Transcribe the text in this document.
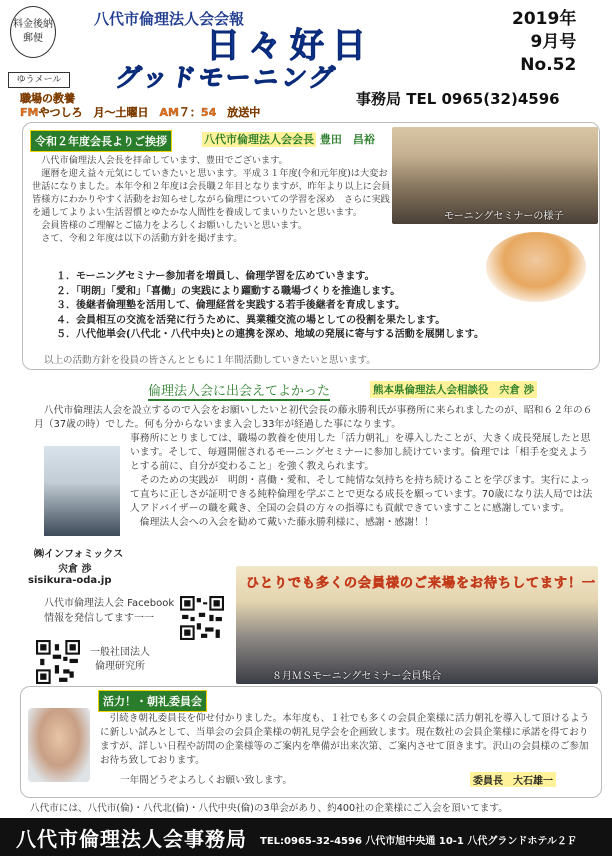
料金後納
郵便
ゆうメール
八代市倫理法人会会報
日々好日
グッドモーニング
2019年
9月号
No.52
職場の教養
FMやつしろ　月〜土曜日　AM７：54　放送中
事務局 TEL 0965(32)4596
令和２年度会長よりご挨拶	八代市倫理法人会会長 豊田　昌裕

八代市倫理法人会長を拝命しています、豊田でございます。

運暦を迎え益々元気にしていきたいと思います。平成３１年度(令和元年度)は大変お世話になりました。本年令和２年度は会長職２年目となりますが、昨年より以上に会員皆様方にわかりやすく活動をお知らせしながら倫理についての学習を深め　さらに実践を通してよりよい生活習慣とゆたかな人間性を養成してまいりたいと思います。

会員皆様のご理解とご協力をよろしくお願いしたいと思います。

さて、令和２年度は以下の活動方針を掲げます。

１．モーニングセミナー参加者を増員し、倫理学習を広めていきます。
２．「明朗」「愛和」「喜働」の実践により躍動する職場づくりを推進します。
３．後継者倫理塾を活用して、倫理経営を実践する若手後継者を育成します。
４．会員相互の交流を活発に行うために、異業種交流の場としての役割を果たします。
５．八代他単会(八代北・八代中央)との連携を深め、地域の発展に寄与する活動を展開します。
以上の活動方針を役員の皆さんとともに１年間活動していきたいと思います。
モーニングセミナーの様子
倫理法人会に出会えてよかった	熊本県倫理法人会相談役　宍倉 渉
八代市倫理法人会を設立するので入会をお願いしたいと初代会長の藤永勝利氏が事務所に来られましたのが、昭和６２年の６月（37歳の時）でした。何も分からないまま入会し33年が経過した事になります。
事務所にとりましては、職場の教養を使用した「活力朝礼」を導入したことが、大きく成長発展したと思います。そして、毎週開催されるモーニングセミナーに参加し続けています。倫理では「相手を変えようとする前に、自分が変わること」を強く教えられます。
そのための実践が　明朗・喜働・愛和、そして純情な気持ちを持ち続けることを学びます。実行によって直ちに正しさが証明できる純粋倫理を学ぶことで更なる成長を願っています。70歳になり法人局では法人アドバイザーの職を戴き、全国の会員の方々の指導にも貢献できていますことに感謝しています。
倫理法人会への入会を勧めて戴いた藤永勝利様に、感謝・感謝！！
㈱インフォミックス
宍倉 渉
sisikura-oda.jp
八代市倫理法人会 Facebook
情報を発信してます一一
一般社団法人
倫理研究所
ひとりでも多くの会員様のご来場をお待ちしてます！一
８月ＭＳモーニングセミナー会員集合
活力！・朝礼委員会
引続き朝礼委員長を仰せ付かりました。本年度も、１社でも多くの会員企業様に活力朝礼を導入して頂けるように新しい試みとして、当単会の会員企業様の朝礼見学会を企画致します。現在数社の会員企業様に承諾を得ておりますが、詳しい日程や訪問の企業様等のご案内を準備が出来次第、ご案内させて頂きます。沢山の会員様のご参加お待ち致しております。
一年間どうぞよろしくお願い致します。	委員長　大石雄一
八代市には、八代市(倫)・八代北(倫)・八代中央(倫)の3単会があり、約400社の企業様にご入会を頂いてます。
八代市倫理法人会事務局 TEL:0965-32-4596 八代市旭中央通 10-1 八代グランドホテル２Ｆ
